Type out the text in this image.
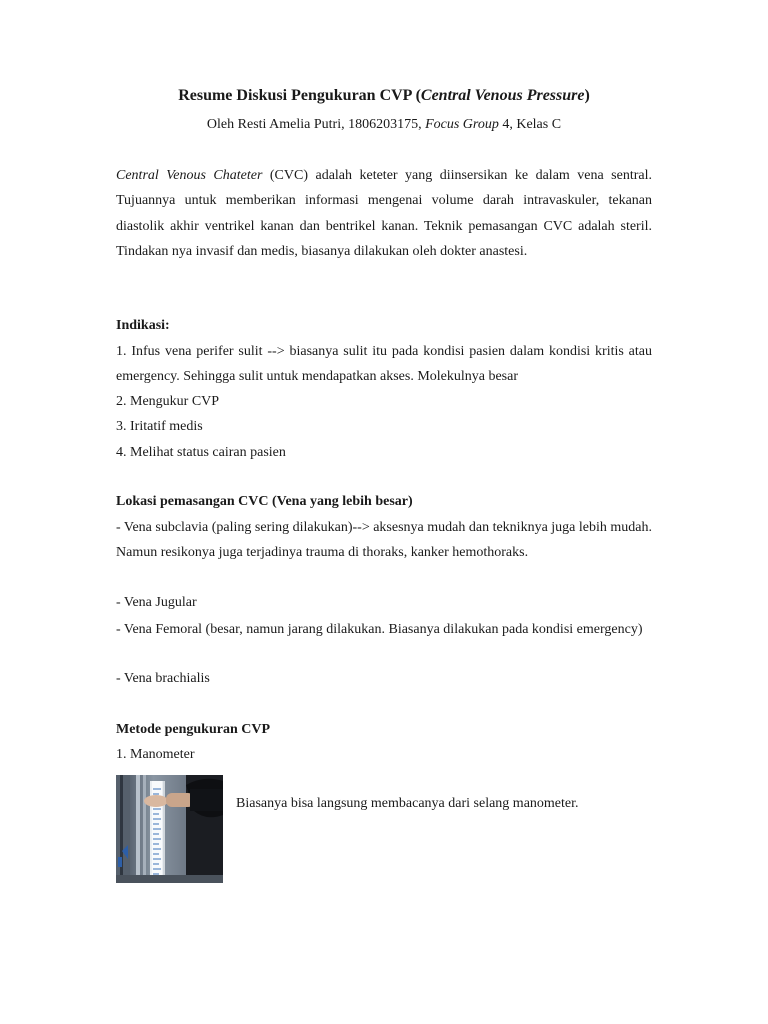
Resume Diskusi Pengukuran CVP (Central Venous Pressure)
Oleh Resti Amelia Putri, 1806203175, Focus Group 4, Kelas C
Central Venous Chateter (CVC) adalah keteter yang diinsersikan ke dalam vena sentral. Tujuannya untuk memberikan informasi mengenai volume darah intravaskuler, tekanan diastolik akhir ventrikel kanan dan bentrikel kanan. Teknik pemasangan CVC adalah steril. Tindakan nya invasif dan medis, biasanya dilakukan oleh dokter anastesi.
Indikasi:
1. Infus vena perifer sulit --> biasanya sulit itu pada kondisi pasien dalam kondisi kritis atau emergency. Sehingga sulit untuk mendapatkan akses. Molekulnya besar
2. Mengukur CVP
3. Iritatif medis
4. Melihat status cairan pasien
Lokasi pemasangan CVC (Vena yang lebih besar)
- Vena subclavia (paling sering dilakukan)--> aksesnya mudah dan tekniknya juga lebih mudah. Namun resikonya juga terjadinya trauma di thoraks, kanker hemothoraks.
- Vena Jugular
- Vena Femoral (besar, namun jarang dilakukan. Biasanya dilakukan pada kondisi emergency)
- Vena brachialis
Metode pengukuran CVP
1. Manometer
Biasanya bisa langsung membacanya dari selang manometer.
